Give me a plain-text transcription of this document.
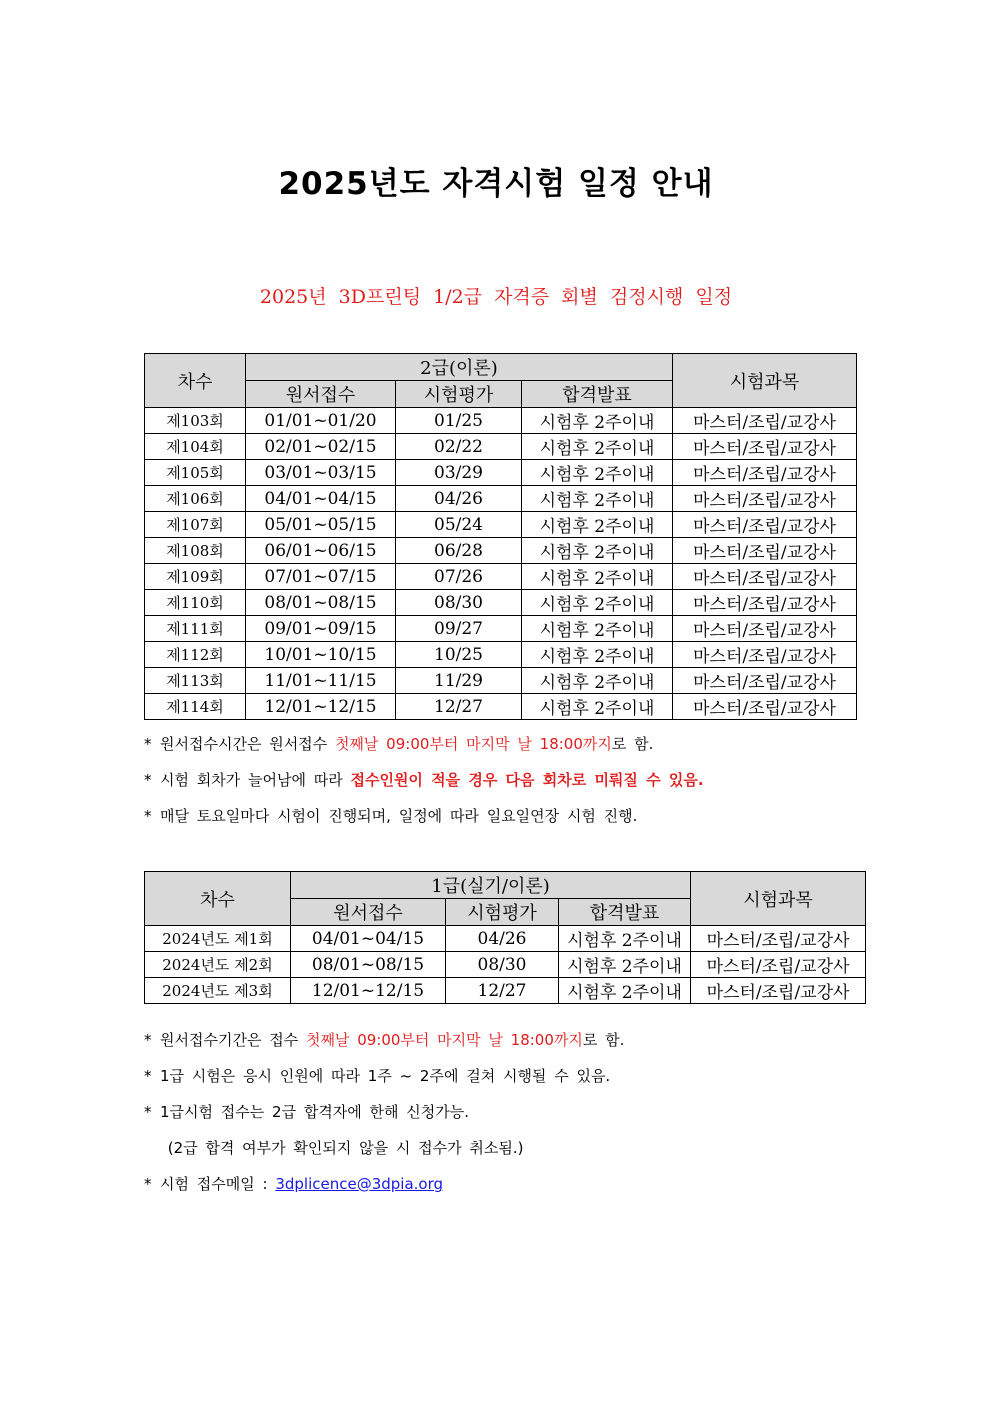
2025년도 자격시험 일정 안내
2025년 3D프린팅 1/2급 자격증 회별 검정시행 일정
차수	2급(이론)			시험과목
	원서접수	시험평가	합격발표	
제103회	01/01~01/20	01/25	시험후 2주이내	마스터/조립/교강사
제104회	02/01~02/15	02/22	시험후 2주이내	마스터/조립/교강사
제105회	03/01~03/15	03/29	시험후 2주이내	마스터/조립/교강사
제106회	04/01~04/15	04/26	시험후 2주이내	마스터/조립/교강사
제107회	05/01~05/15	05/24	시험후 2주이내	마스터/조립/교강사
제108회	06/01~06/15	06/28	시험후 2주이내	마스터/조립/교강사
제109회	07/01~07/15	07/26	시험후 2주이내	마스터/조립/교강사
제110회	08/01~08/15	08/30	시험후 2주이내	마스터/조립/교강사
제111회	09/01~09/15	09/27	시험후 2주이내	마스터/조립/교강사
제112회	10/01~10/15	10/25	시험후 2주이내	마스터/조립/교강사
제113회	11/01~11/15	11/29	시험후 2주이내	마스터/조립/교강사
제114회	12/01~12/15	12/27	시험후 2주이내	마스터/조립/교강사
* 원서접수시간은 원서접수 첫째날 09:00부터 마지막 날 18:00까지로 함.
* 시험 회차가 늘어남에 따라 접수인원이 적을 경우 다음 회차로 미뤄질 수 있음.
* 매달 토요일마다 시험이 진행되며, 일정에 따라 일요일연장 시험 진행.
차수	1급(실기/이론)			시험과목
	원서접수	시험평가	합격발표	
2024년도 제1회	04/01~04/15	04/26	시험후 2주이내	마스터/조립/교강사
2024년도 제2회	08/01~08/15	08/30	시험후 2주이내	마스터/조립/교강사
2024년도 제3회	12/01~12/15	12/27	시험후 2주이내	마스터/조립/교강사
* 원서접수기간은 접수 첫째날 09:00부터 마지막 날 18:00까지로 함.
* 1급 시험은 응시 인원에 따라 1주 ~ 2주에 걸쳐 시행될 수 있음.
* 1급시험 접수는 2급 합격자에 한해 신청가능.
(2급 합격 여부가 확인되지 않을 시 접수가 취소됨.)
* 시험 접수메일 : 3dplicence@3dpia.org
